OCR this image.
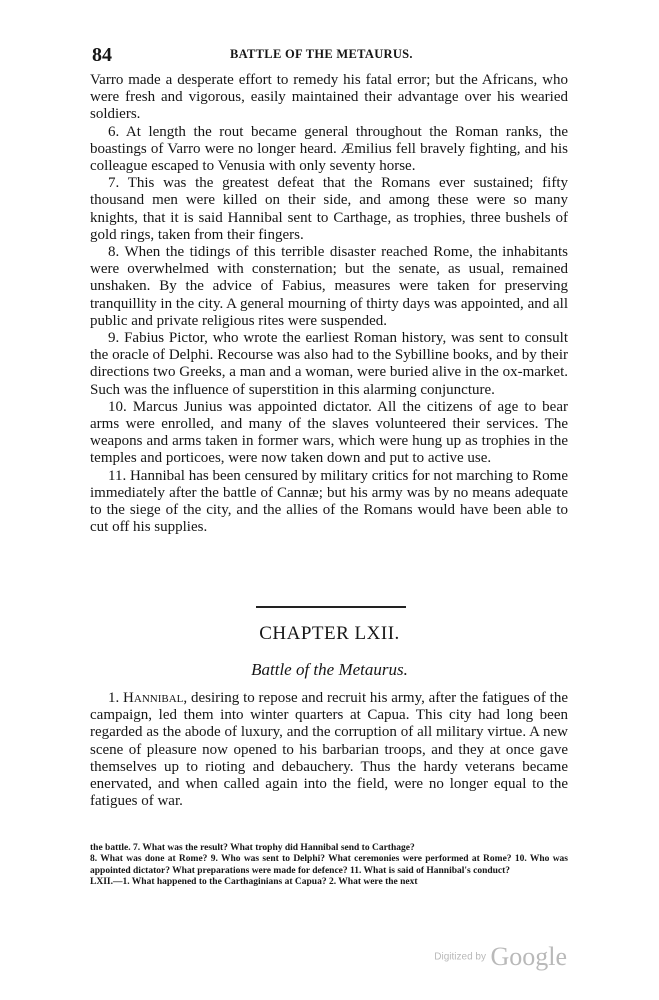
84	BATTLE OF THE METAURUS.

Varro made a desperate effort to remedy his fatal error; but the Africans, who were fresh and vigorous, easily maintained their advantage over his wearied soldiers.

6. At length the rout became general throughout the Roman ranks, the boastings of Varro were no longer heard. Æmilius fell bravely fighting, and his colleague escaped to Venusia with only seventy horse.

7. This was the greatest defeat that the Romans ever sustained; fifty thousand men were killed on their side, and among these were so many knights, that it is said Hannibal sent to Carthage, as trophies, three bushels of gold rings, taken from their fingers.

8. When the tidings of this terrible disaster reached Rome, the inhabitants were overwhelmed with consternation; but the senate, as usual, remained unshaken. By the advice of Fabius, measures were taken for preserving tranquillity in the city. A general mourning of thirty days was appointed, and all public and private religious rites were suspended.

9. Fabius Pictor, who wrote the earliest Roman history, was sent to consult the oracle of Delphi. Recourse was also had to the Sybilline books, and by their directions two Greeks, a man and a woman, were buried alive in the ox-market. Such was the influence of superstition in this alarming conjuncture.

10. Marcus Junius was appointed dictator. All the citizens of age to bear arms were enrolled, and many of the slaves volunteered their services. The weapons and arms taken in former wars, which were hung up as trophies in the temples and porticoes, were now taken down and put to active use.

11. Hannibal has been censured by military critics for not marching to Rome immediately after the battle of Cannæ; but his army was by no means adequate to the siege of the city, and the allies of the Romans would have been able to cut off his supplies.

CHAPTER LXII.
Battle of the Metaurus.

1. Hannibal, desiring to repose and recruit his army, after the fatigues of the campaign, led them into winter quarters at Capua. This city had long been regarded as the abode of luxury, and the corruption of all military virtue. A new scene of pleasure now opened to his barbarian troops, and they at once gave themselves up to rioting and debauchery. Thus the hardy veterans became enervated, and when called again into the field, were no longer equal to the fatigues of war.

the battle. 7. What was the result? What trophy did Hannibal send to Carthage?
8. What was done at Rome? 9. Who was sent to Delphi? What ceremonies were performed at Rome? 10. Who was appointed dictator? What preparations were made for defence? 11. What is said of Hannibal's conduct?
LXII.—1. What happened to the Carthaginians at Capua? 2. What were the next
Digitized by Google
